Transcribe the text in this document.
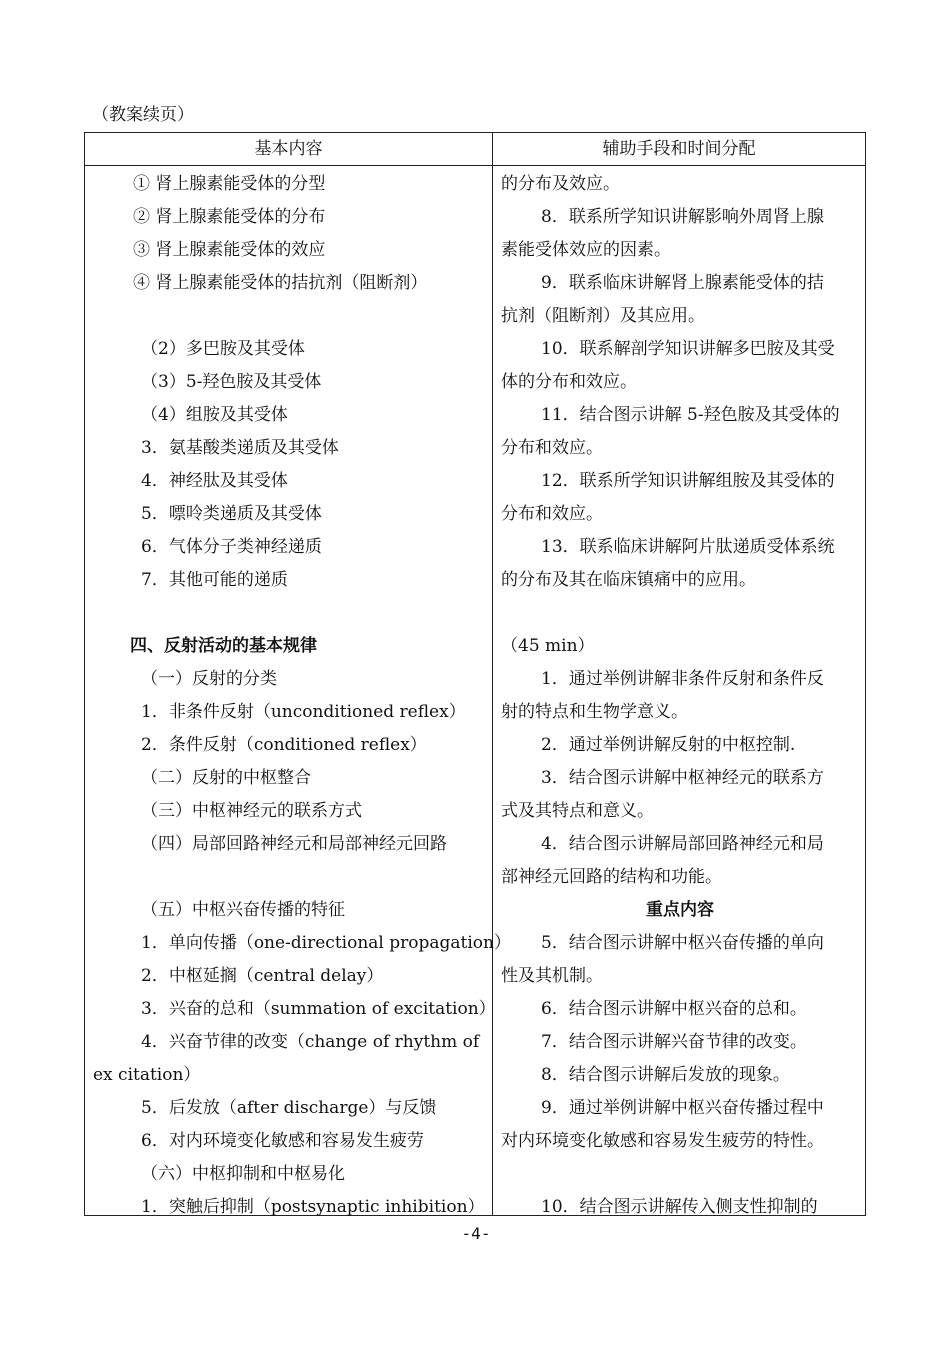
（教案续页）
基本内容	辅助手段和时间分配
① 肾上腺素能受体的分型
② 肾上腺素能受体的分布
③ 肾上腺素能受体的效应
④ 肾上腺素能受体的拮抗剂（阻断剂）
（2）多巴胺及其受体
（3）5-羟色胺及其受体
（4）组胺及其受体
3．氨基酸类递质及其受体
4．神经肽及其受体
5．嘌呤类递质及其受体
6．气体分子类神经递质
7．其他可能的递质
四、反射活动的基本规律
（一）反射的分类
1．非条件反射（unconditioned reflex）
2．条件反射（conditioned reflex）
（二）反射的中枢整合
（三）中枢神经元的联系方式
（四）局部回路神经元和局部神经元回路
（五）中枢兴奋传播的特征
1．单向传播（one-directional propagation）
2．中枢延搁（central delay）
3．兴奋的总和（summation of excitation）
4．兴奋节律的改变（change of rhythm of
ex citation）
5．后发放（after discharge）与反馈
6．对内环境变化敏感和容易发生疲劳
（六）中枢抑制和中枢易化
1．突触后抑制（postsynaptic inhibition）
的分布及效应。
8．联系所学知识讲解影响外周肾上腺
素能受体效应的因素。
9．联系临床讲解肾上腺素能受体的拮
抗剂（阻断剂）及其应用。
10．联系解剖学知识讲解多巴胺及其受
体的分布和效应。
11．结合图示讲解 5-羟色胺及其受体的
分布和效应。
12．联系所学知识讲解组胺及其受体的
分布和效应。
13．联系临床讲解阿片肽递质受体系统
的分布及其在临床镇痛中的应用。
（45 min）
1．通过举例讲解非条件反射和条件反
射的特点和生物学意义。
2．通过举例讲解反射的中枢控制.
3．结合图示讲解中枢神经元的联系方
式及其特点和意义。
4．结合图示讲解局部回路神经元和局
部神经元回路的结构和功能。
重点内容
5．结合图示讲解中枢兴奋传播的单向
性及其机制。
6．结合图示讲解中枢兴奋的总和。
7．结合图示讲解兴奋节律的改变。
8．结合图示讲解后发放的现象。
9．通过举例讲解中枢兴奋传播过程中
对内环境变化敏感和容易发生疲劳的特性。
10．结合图示讲解传入侧支性抑制的
-4-
